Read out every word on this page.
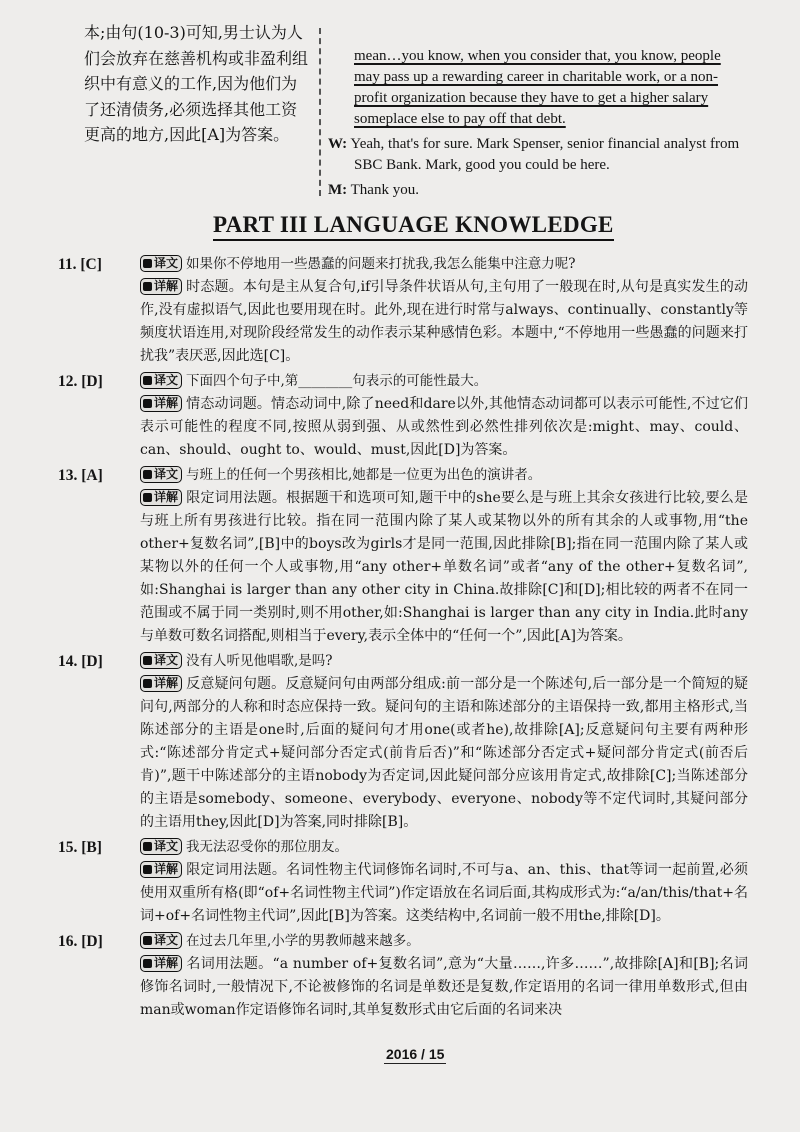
本;由句(10-3)可知,男士认为人们会放弃在慈善机构或非盈利组织中有意义的工作,因为他们为了还清债务,必须选择其他工资更高的地方,因此[A]为答案。
mean…you know, when you consider that, you know, people may pass up a rewarding career in charitable work, or a non-profit organization because they have to get a higher salary someplace else to pay off that debt.
W: Yeah, that's for sure. Mark Spenser, senior financial analyst from SBC Bank. Mark, good you could be here.
M: Thank you.
PART III LANGUAGE KNOWLEDGE
11. [C]	译文 如果你不停地用一些愚蠢的问题来打扰我,我怎么能集中注意力呢?
详解 时态题。本句是主从复合句,if引导条件状语从句,主句用了一般现在时,从句是真实发生的动作,没有虚拟语气,因此也要用现在时。此外,现在进行时常与always、continually、constantly等频度状语连用,对现阶段经常发生的动作表示某种感情色彩。本题中,“不停地用一些愚蠢的问题来打扰我”表厌恶,因此选[C]。
12. [D]	译文 下面四个句子中,第________句表示的可能性最大。
详解 情态动词题。情态动词中,除了need和dare以外,其他情态动词都可以表示可能性,不过它们表示可能性的程度不同,按照从弱到强、从或然性到必然性排列依次是:might、may、could、can、should、ought to、would、must,因此[D]为答案。
13. [A]	译文 与班上的任何一个男孩相比,她都是一位更为出色的演讲者。
详解 限定词用法题。根据题干和选项可知,题干中的she要么是与班上其余女孩进行比较,要么是与班上所有男孩进行比较。指在同一范围内除了某人或某物以外的所有其余的人或事物,用“the other+复数名词”,[B]中的boys改为girls才是同一范围,因此排除[B];指在同一范围内除了某人或某物以外的任何一个人或事物,用“any other+单数名词”或者“any of the other+复数名词”,如:Shanghai is larger than any other city in China.故排除[C]和[D];相比较的两者不在同一范围或不属于同一类别时,则不用other,如:Shanghai is larger than any city in India.此时any与单数可数名词搭配,则相当于every,表示全体中的“任何一个”,因此[A]为答案。
14. [D]	译文 没有人听见他唱歌,是吗?
详解 反意疑问句题。反意疑问句由两部分组成:前一部分是一个陈述句,后一部分是一个简短的疑问句,两部分的人称和时态应保持一致。疑问句的主语和陈述部分的主语保持一致,都用主格形式,当陈述部分的主语是one时,后面的疑问句才用one(或者he),故排除[A];反意疑问句主要有两种形式:“陈述部分肯定式+疑问部分否定式(前肯后否)”和“陈述部分否定式+疑问部分肯定式(前否后肯)”,题干中陈述部分的主语nobody为否定词,因此疑问部分应该用肯定式,故排除[C];当陈述部分的主语是somebody、someone、everybody、everyone、nobody等不定代词时,其疑问部分的主语用they,因此[D]为答案,同时排除[B]。
15. [B]	译文 我无法忍受你的那位朋友。
详解 限定词用法题。名词性物主代词修饰名词时,不可与a、an、this、that等词一起前置,必须使用双重所有格(即“of+名词性物主代词”)作定语放在名词后面,其构成形式为:“a/an/this/that+名词+of+名词性物主代词”,因此[B]为答案。这类结构中,名词前一般不用the,排除[D]。
16. [D]	译文 在过去几年里,小学的男教师越来越多。
详解 名词用法题。“a number of+复数名词”,意为“大量……,许多……”,故排除[A]和[B];名词修饰名词时,一般情况下,不论被修饰的名词是单数还是复数,作定语用的名词一律用单数形式,但由man或woman作定语修饰名词时,其单复数形式由它后面的名词来决
2016 / 15
